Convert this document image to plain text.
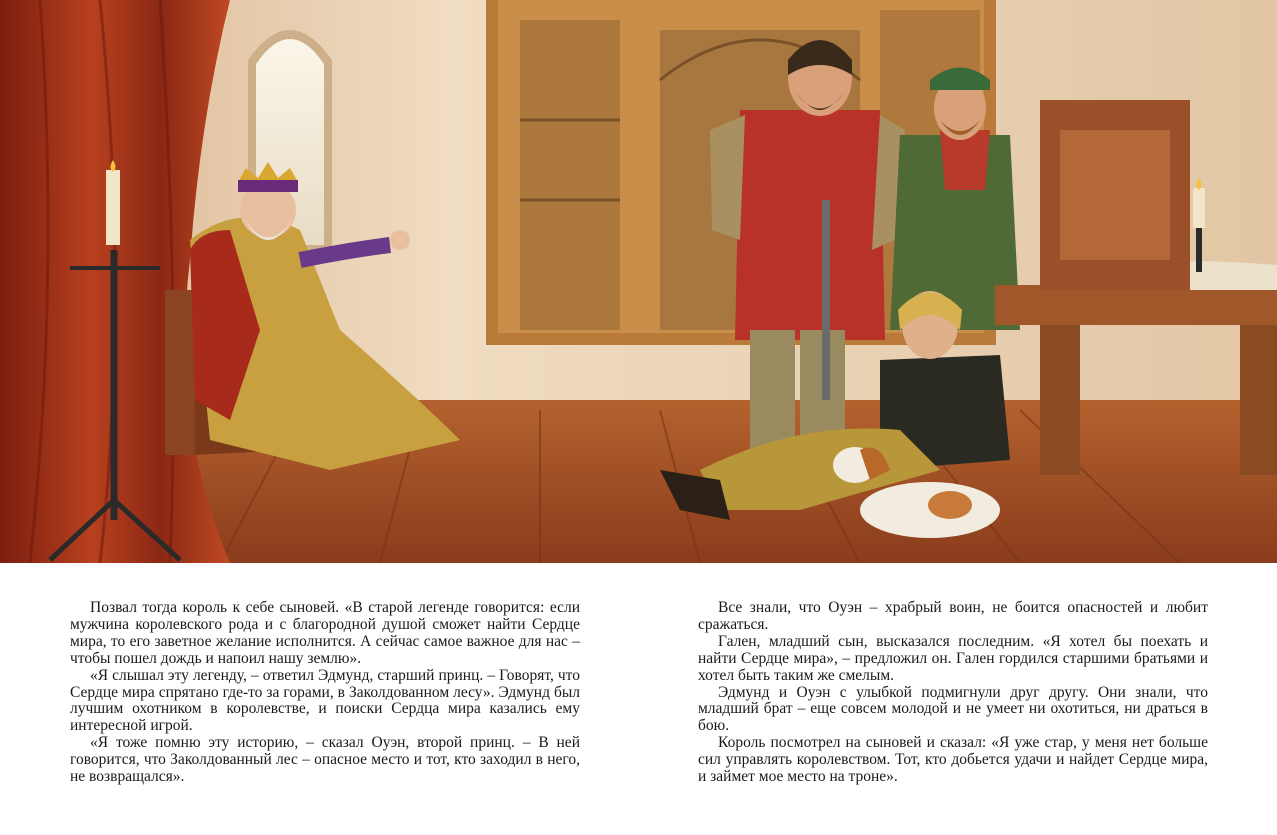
Позвал тогда король к себе сыновей. «В старой легенде говорится: если мужчина королевского рода и с благородной душой сможет найти Сердце мира, то его заветное желание исполнится. А сейчас самое важное для нас – чтобы пошел дождь и напоил нашу землю».

«Я слышал эту легенду, – ответил Эдмунд, старший принц. – Говорят, что Сердце мира спрятано где-то за горами, в Заколдованном лесу». Эдмунд был лучшим охотником в королевстве, и поиски Сердца мира казались ему интересной игрой.

«Я тоже помню эту историю, – сказал Оуэн, второй принц. – В ней говорится, что Заколдованный лес – опасное место и тот, кто заходил в него, не возвращался».

Все знали, что Оуэн – храбрый воин, не боится опасностей и любит сражаться.

Гален, младший сын, высказался последним. «Я хотел бы поехать и найти Сердце мира», – предложил он. Гален гордился старшими братьями и хотел быть таким же смелым.

Эдмунд и Оуэн с улыбкой подмигнули друг другу. Они знали, что младший брат – еще совсем молодой и не умеет ни охотиться, ни драться в бою.

Король посмотрел на сыновей и сказал: «Я уже стар, у меня нет больше сил управлять королевством. Тот, кто добьется удачи и найдет Сердце мира, и займет мое место на троне».
